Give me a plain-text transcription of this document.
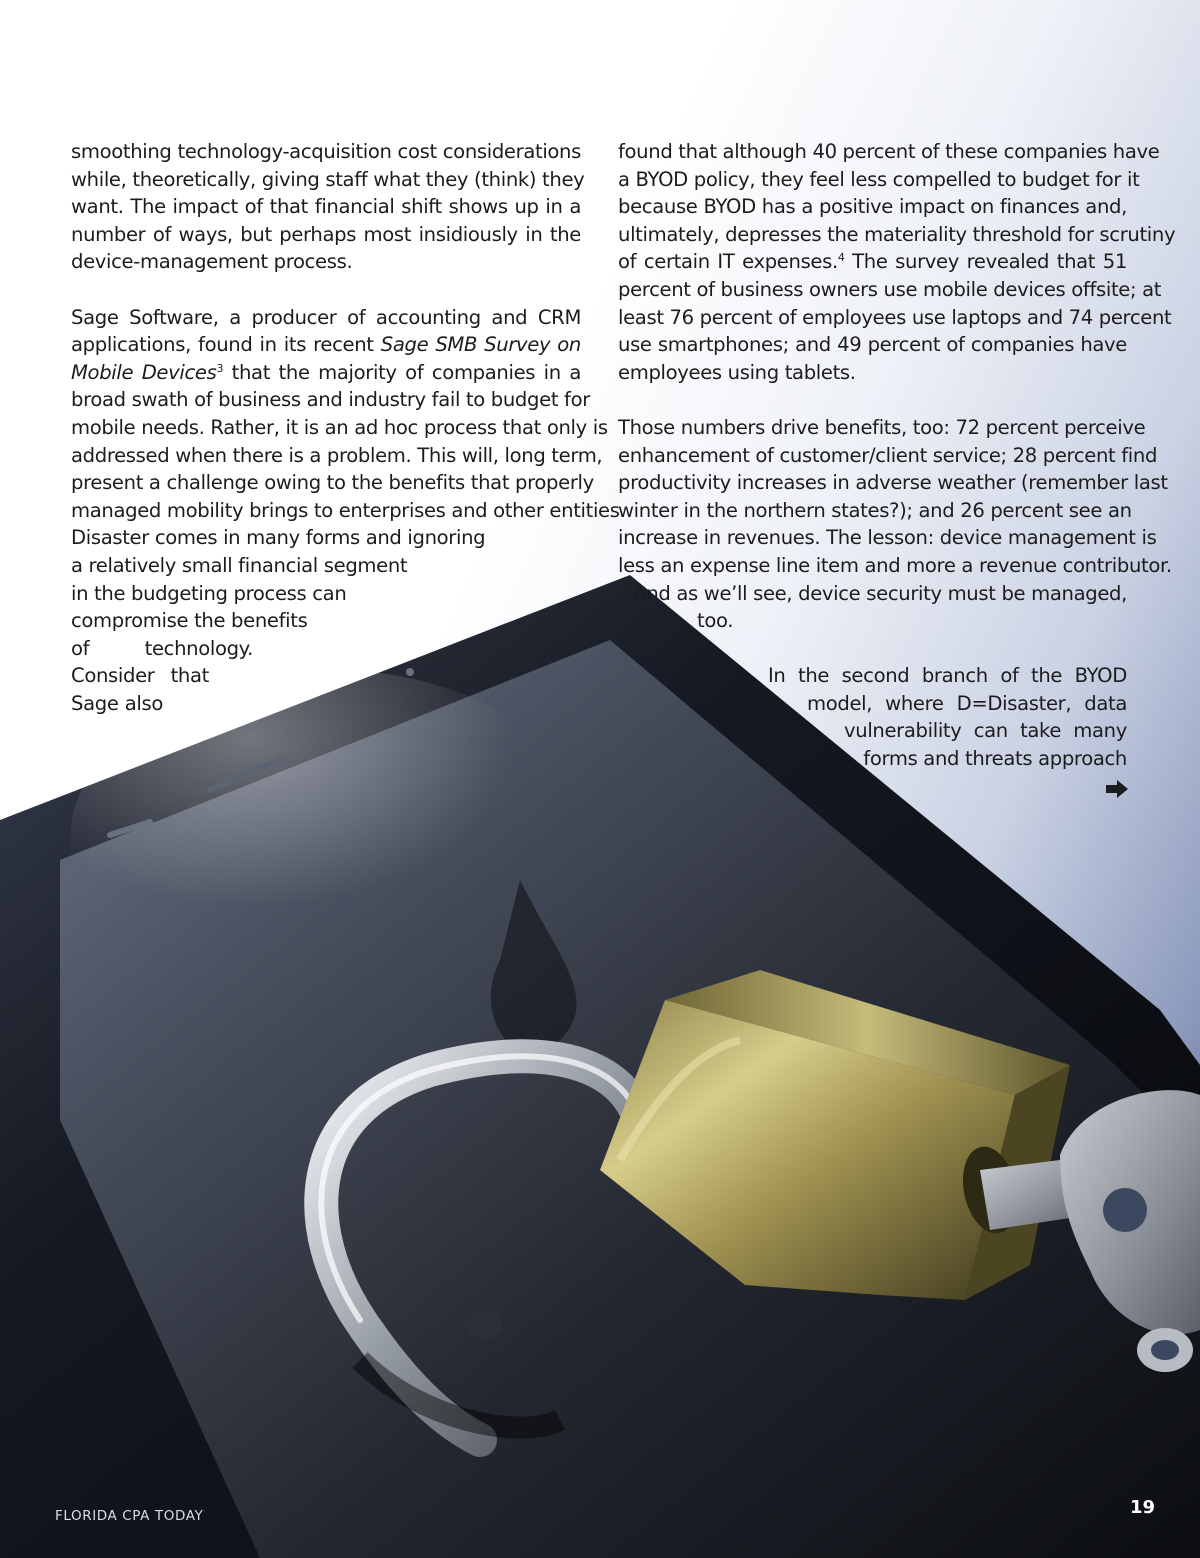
smoothing technology-acquisition cost considerations
while, theoretically, giving staff what they (think) they
want. The impact of that financial shift shows up in a
number of ways, but perhaps most insidiously in the
device-management process.

Sage Software, a producer of accounting and CRM
applications, found in its recent Sage SMB Survey on
Mobile Devices$^3$ that the majority of companies in a
broad swath of business and industry fail to budget for
mobile needs. Rather, it is an ad hoc process that only is
addressed when there is a problem. This will, long term,
present a challenge owing to the benefits that properly
managed mobility brings to enterprises and other entities.
Disaster comes in many forms and ignoring
a relatively small financial segment
in the budgeting process can
compromise the benefits
of technology.
Consider that
Sage also

found that although 40 percent of these companies have
a BYOD policy, they feel less compelled to budget for it
because BYOD has a positive impact on finances and,
ultimately, depresses the materiality threshold for scrutiny
of certain IT expenses.$^4$ The survey revealed that 51
percent of business owners use mobile devices offsite; at
least 76 percent of employees use laptops and 74 percent
use smartphones; and 49 percent of companies have
employees using tablets.

Those numbers drive benefits, too: 72 percent perceive
enhancement of customer/client service; 28 percent find
productivity increases in adverse weather (remember last
winter in the northern states?); and 26 percent see an
increase in revenues. The lesson: device management is
less an expense line item and more a revenue contributor.
And as we’ll see, device security must be managed,
too.

In the second branch of the BYOD
model, where D=Disaster, data
vulnerability can take many
forms and threats approach

FLORIDA CPA TODAY	19
